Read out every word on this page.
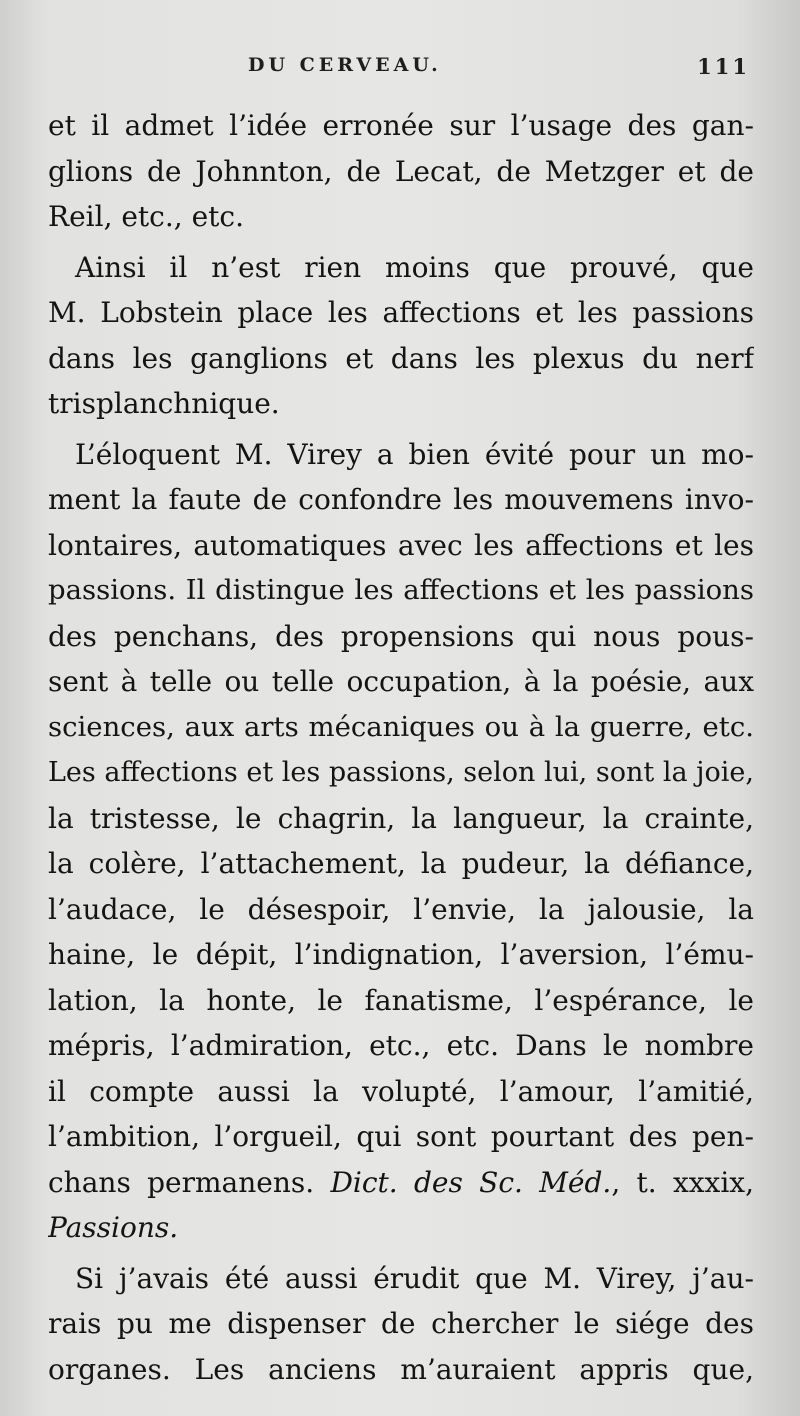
DU CERVEAU.	111
et il admet l’idée erronée sur l’usage des gan-
glions de Johnnton, de Lecat, de Metzger et de
Reil, etc., etc.
Ainsi il n’est rien moins que prouvé, que
M. Lobstein place les affections et les passions
dans les ganglions et dans les plexus du nerf
trisplanchnique.
L’éloquent M. Virey a bien évité pour un mo-
ment la faute de confondre les mouvemens invo-
lontaires, automatiques avec les affections et les
passions. Il distingue les affections et les passions
des penchans, des propensions qui nous pous-
sent à telle ou telle occupation, à la poésie, aux
sciences, aux arts mécaniques ou à la guerre, etc.
Les affections et les passions, selon lui, sont la joie,
la tristesse, le chagrin, la langueur, la crainte,
la colère, l’attachement, la pudeur, la défiance,
l’audace, le désespoir, l’envie, la jalousie, la
haine, le dépit, l’indignation, l’aversion, l’ému-
lation, la honte, le fanatisme, l’espérance, le
mépris, l’admiration, etc., etc. Dans le nombre
il compte aussi la volupté, l’amour, l’amitié,
l’ambition, l’orgueil, qui sont pourtant des pen-
chans permanens. Dict. des Sc. Méd., t. xxxix,
Passions.
Si j’avais été aussi érudit que M. Virey, j’au-
rais pu me dispenser de chercher le siége des
organes. Les anciens m’auraient appris que,
